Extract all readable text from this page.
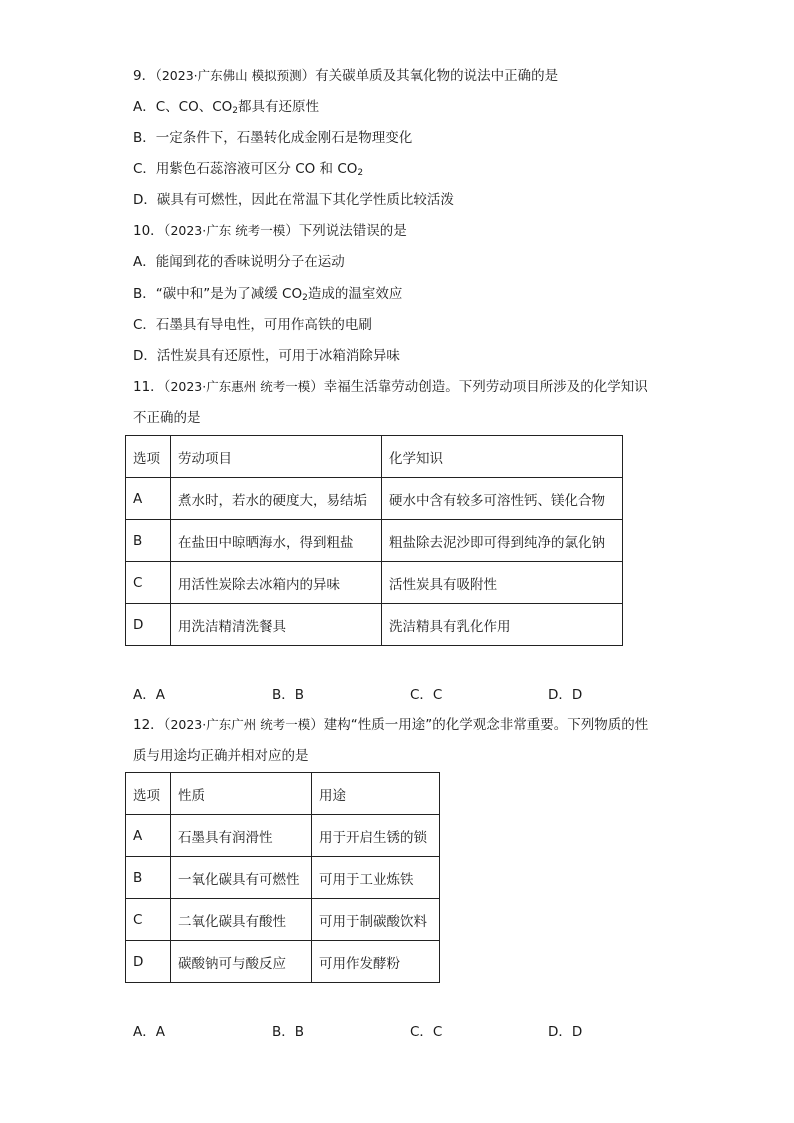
9．（2023·广东佛山 模拟预测）有关碳单质及其氧化物的说法中正确的是
A．C、CO、$CO_2$都具有还原性
B．一定条件下，石墨转化成金刚石是物理变化
C．用紫色石蕊溶液可区分 CO 和 $CO_2$
D．碳具有可燃性，因此在常温下其化学性质比较活泼
10．（2023·广东 统考一模）下列说法错误的是
A．能闻到花的香味说明分子在运动
B．“碳中和”是为了减缓 $CO_2$造成的温室效应
C．石墨具有导电性，可用作高铁的电刷
D．活性炭具有还原性，可用于冰箱消除异味
11．（2023·广东惠州 统考一模）幸福生活靠劳动创造。下列劳动项目所涉及的化学知识
不正确的是
选项	劳动项目	化学知识
A	煮水时，若水的硬度大，易结垢	硬水中含有较多可溶性钙、镁化合物
B	在盐田中晾晒海水，得到粗盐	粗盐除去泥沙即可得到纯净的氯化钠
C	用活性炭除去冰箱内的异味	活性炭具有吸附性
D	用洗洁精清洗餐具	洗洁精具有乳化作用
A．A	B．B	C．C	D．D
12．（2023·广东广州 统考一模）建构“性质一用途”的化学观念非常重要。下列物质的性
质与用途均正确并相对应的是
选项	性质	用途
A	石墨具有润滑性	用于开启生锈的锁
B	一氧化碳具有可燃性	可用于工业炼铁
C	二氧化碳具有酸性	可用于制碳酸饮料
D	碳酸钠可与酸反应	可用作发酵粉
A．A	B．B	C．C	D．D
